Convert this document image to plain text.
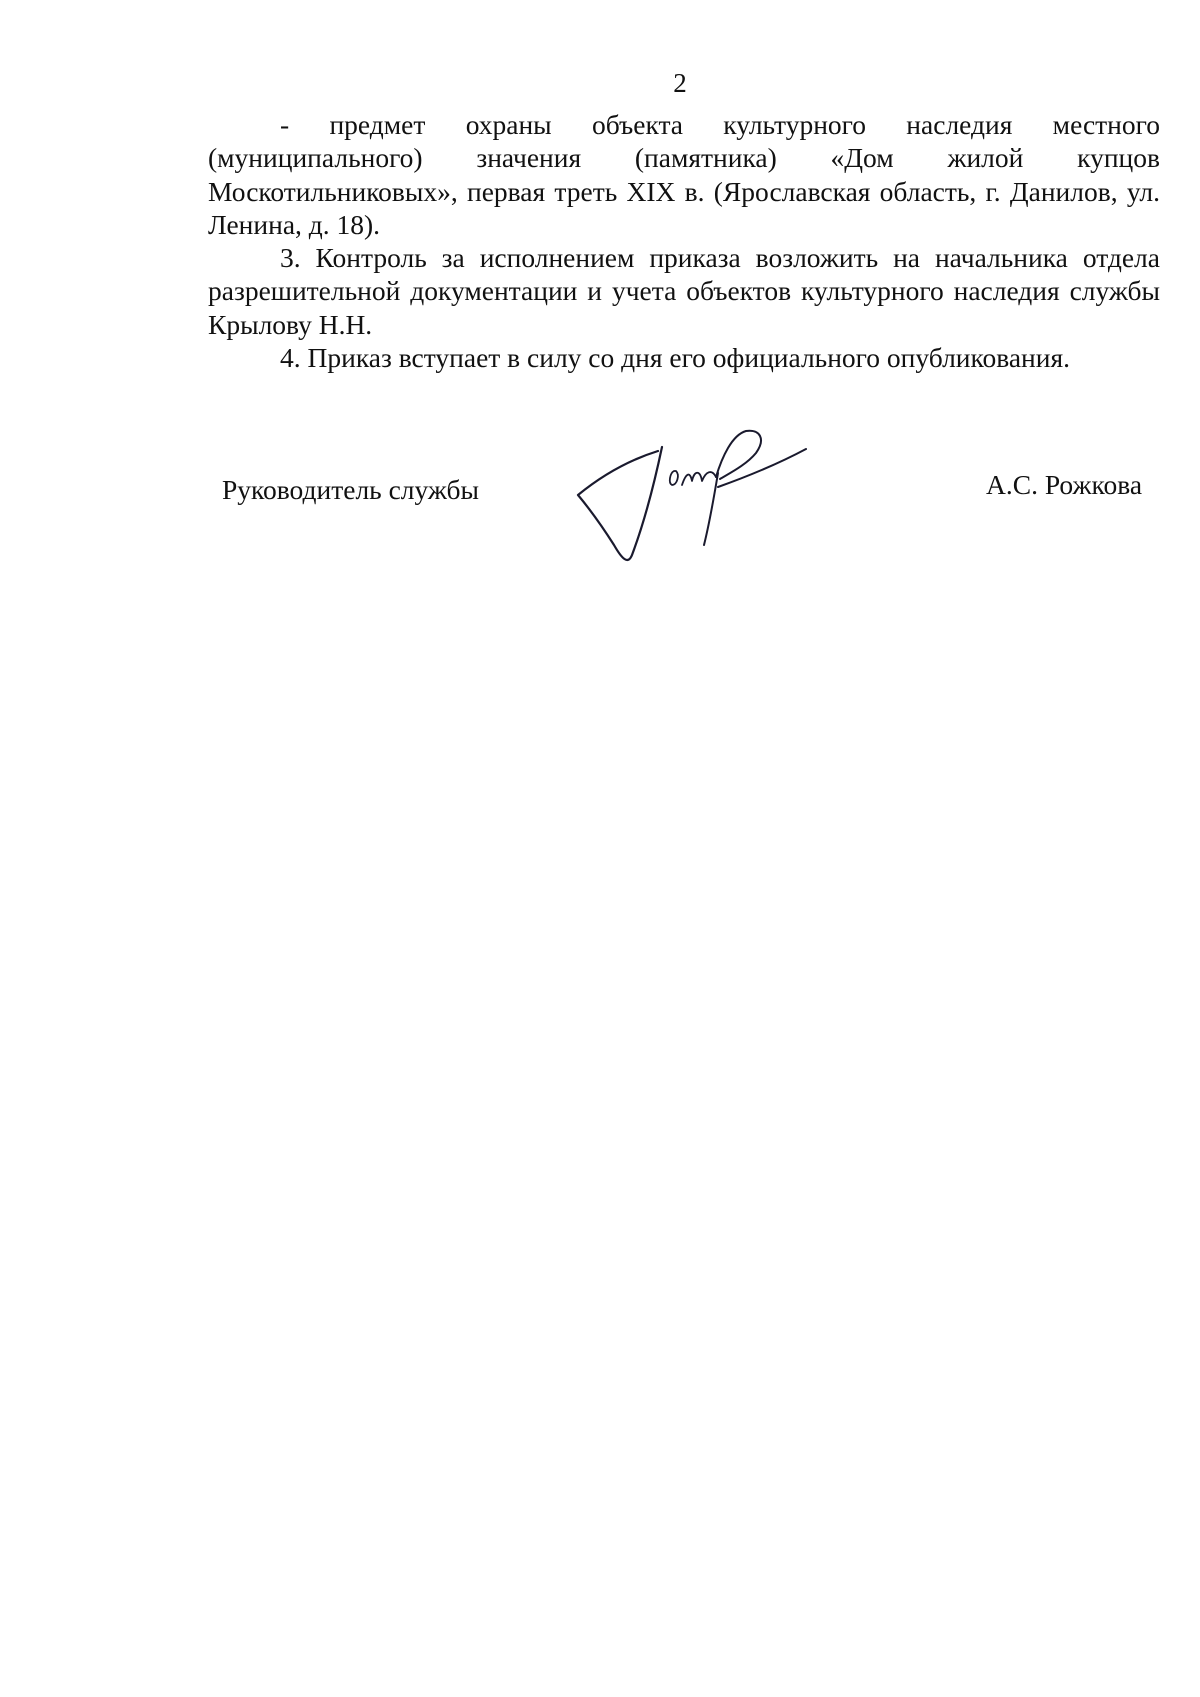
2

- предмет охраны объекта культурного наследия местного (муниципального) значения (памятника) «Дом жилой купцов Москотильниковых», первая треть XIX в. (Ярославская область, г. Данилов, ул. Ленина, д. 18).

3. Контроль за исполнением приказа возложить на начальника отдела разрешительной документации и учета объектов культурного наследия службы Крылову Н.Н.

4. Приказ вступает в силу со дня его официального опубликования.

Руководитель службы	А.С. Рожкова
